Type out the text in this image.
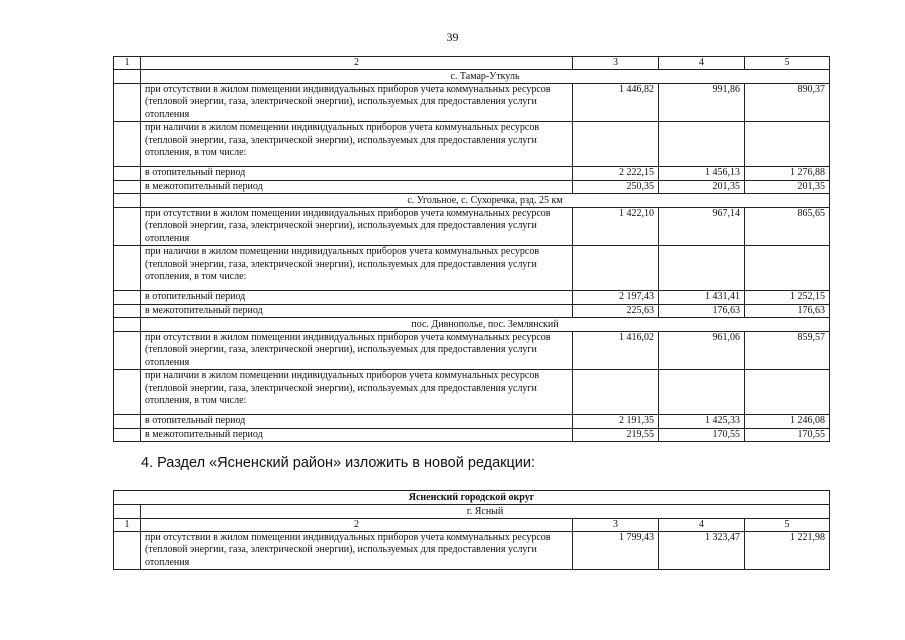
39
1	2	3	4	5
	с. Тамар-Уткуль			
	при отсутствии в жилом помещении индивидуальных приборов учета коммунальных ресурсов (тепловой энергии, газа, электрической энергии), используемых для предоставления услуги отопления	1 446,82	991,86	890,37
	при наличии в жилом помещении индивидуальных приборов учета коммунальных ресурсов (тепловой энергии, газа, электрической энергии), используемых для предоставления услуги отопления, в том числе:			
	в отопительный период	2 222,15	1 456,13	1 276,88
	в межотопительный период	250,35	201,35	201,35
	с. Угольное, с. Сухоречка, рзд. 25 км			
	при отсутствии в жилом помещении индивидуальных приборов учета коммунальных ресурсов (тепловой энергии, газа, электрической энергии), используемых для предоставления услуги отопления	1 422,10	967,14	865,65
	при наличии в жилом помещении индивидуальных приборов учета коммунальных ресурсов (тепловой энергии, газа, электрической энергии), используемых для предоставления услуги отопления, в том числе:			
	в отопительный период	2 197,43	1 431,41	1 252,15
	в межотопительный период	225,63	176,63	176,63
	пос. Дивнополье, пос. Землянский			
	при отсутствии в жилом помещении индивидуальных приборов учета коммунальных ресурсов (тепловой энергии, газа, электрической энергии), используемых для предоставления услуги отопления	1 416,02	961,06	859,57
	при наличии в жилом помещении индивидуальных приборов учета коммунальных ресурсов (тепловой энергии, газа, электрической энергии), используемых для предоставления услуги отопления, в том числе:			
	в отопительный период	2 191,35	1 425,33	1 246,08
	в межотопительный период	219,55	170,55	170,55
4. Раздел «Ясненский район» изложить в новой редакции:
Ясненский городской округ				
	г. Ясный			
1	2	3	4	5
	при отсутствии в жилом помещении индивидуальных приборов учета коммунальных ресурсов (тепловой энергии, газа, электрической энергии), используемых для предоставления услуги отопления	1 799,43	1 323,47	1 221,98
